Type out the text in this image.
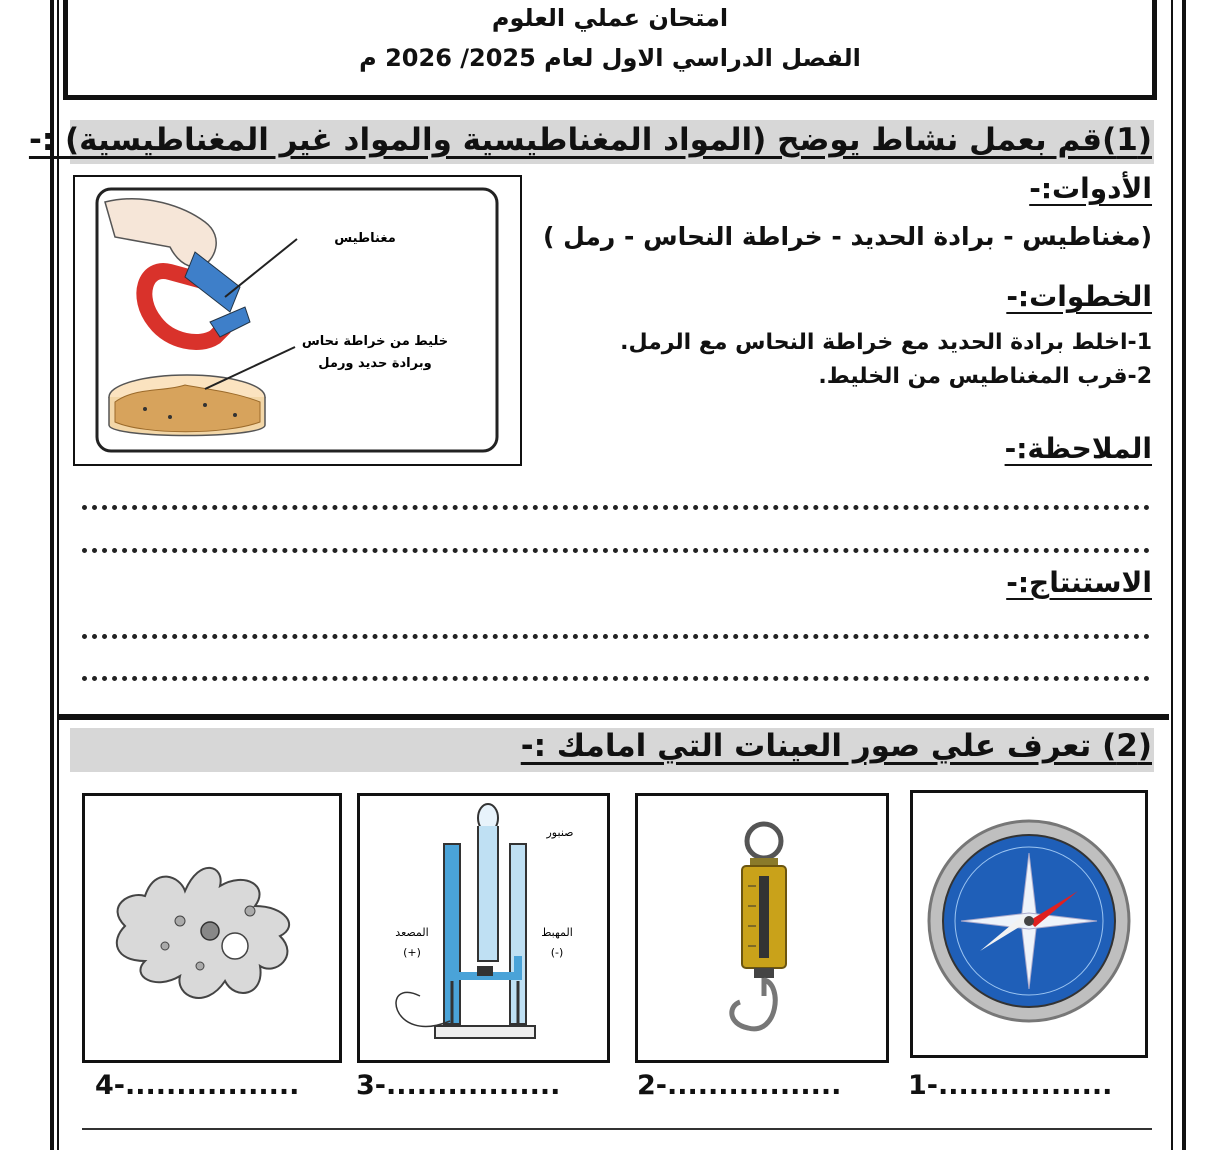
امتحان عملي العلوم
الفصل الدراسي الاول لعام 2025/ 2026 م
(1)قم بعمل نشاط يوضح (المواد المغناطيسية والمواد غير المغناطيسية) :-
الأدوات:-
(مغناطيس - برادة الحديد - خراطة النحاس - رمل )
الخطوات:-
1-اخلط برادة الحديد مع خراطة النحاس مع الرمل.
2-قرب المغناطيس من الخليط.
الملاحظة:-
الاستنتاج:-
مغناطيس
خليط من خراطة نحاس
وبرادة حديد ورمل
(2) تعرف علي صور العينات التي امامك :-
1-.................
2-.................
صنبور
المصعد
(+)
المهبط
(-)
3-.................
4-.................
